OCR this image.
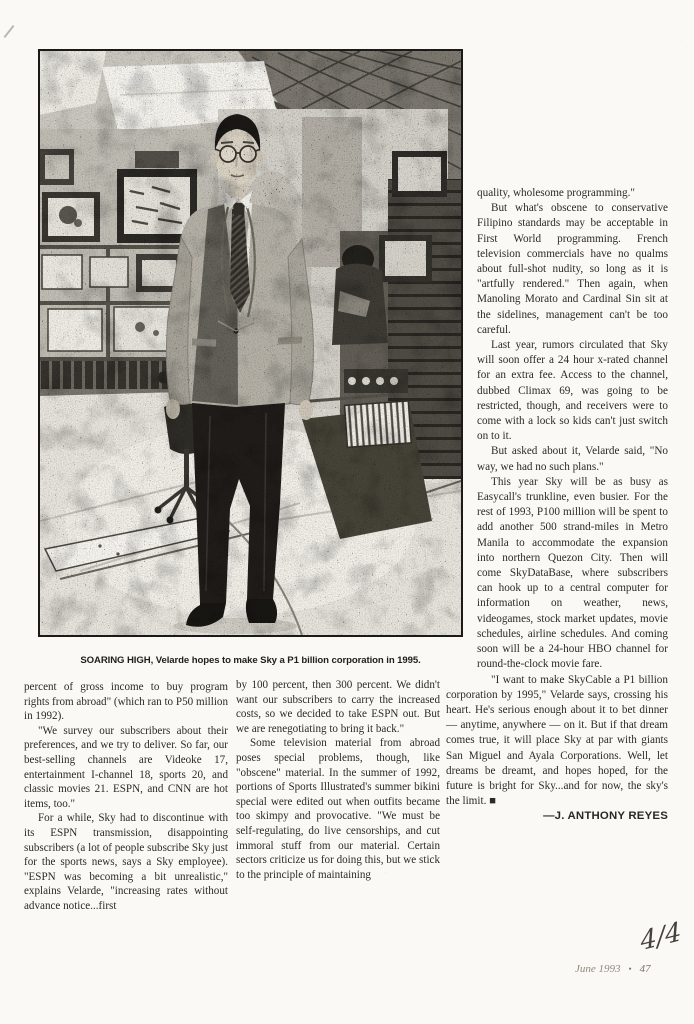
SOARING HIGH, Velarde hopes to make Sky a P1 billion corporation in 1995.

percent of gross income to buy program rights from abroad" (which ran to P50 million in 1992).

"We survey our subscribers about their preferences, and we try to deliver. So far, our best-selling channels are Videoke 17, entertainment I-channel 18, sports 20, and classic movies 21. ESPN, and CNN are hot items, too."

For a while, Sky had to discontinue with its ESPN transmission, disappointing subscribers (a lot of people subscribe Sky just for the sports news, says a Sky employee). "ESPN was becoming a bit unrealistic," explains Velarde, "increasing rates without advance notice...first

by 100 percent, then 300 percent. We didn't want our subscribers to carry the increased costs, so we decided to take ESPN out. But we are renegotiating to bring it back."

Some television material from abroad poses special problems, though, like "obscene" material. In the summer of 1992, portions of Sports Illustrated's summer bikini special were edited out when outfits became too skimpy and provocative. "We must be self-regulating, do live censorships, and cut immoral stuff from our material. Certain sectors criticize us for doing this, but we stick to the principle of maintaining

quality, wholesome programming."

But what's obscene to conservative Filipino standards may be acceptable in First World programming. French television commercials have no qualms about full-shot nudity, so long as it is "artfully rendered." Then again, when Manoling Morato and Cardinal Sin sit at the sidelines, management can't be too careful.

Last year, rumors circulated that Sky will soon offer a 24 hour x-rated channel for an extra fee. Access to the channel, dubbed Climax 69, was going to be restricted, though, and receivers were to come with a lock so kids can't just switch on to it.

But asked about it, Velarde said, "No way, we had no such plans."

This year Sky will be as busy as Easycall's trunkline, even busier. For the rest of 1993, P100 million will be spent to add another 500 strand-miles in Metro Manila to accommodate the expansion into northern Quezon City. Then will come SkyDataBase, where subscribers can hook up to a central computer for information on weather, news, videogames, stock market updates, movie schedules, airline schedules. And coming soon will be a 24-hour HBO channel for round-the-clock movie fare.

"I want to make SkyCable a P1 billion corporation by 1995," Velarde says, crossing his heart. He's serious enough about it to bet dinner — anytime, anywhere — on it. But if that dream comes true, it will place Sky at par with giants San Miguel and Ayala Corporations. Well, let dreams be dreamt, and hopes hoped, for the future is bright for Sky...and for now, the sky's the limit. ■

—J. ANTHONY REYES

June 1993 • 47
4/4
